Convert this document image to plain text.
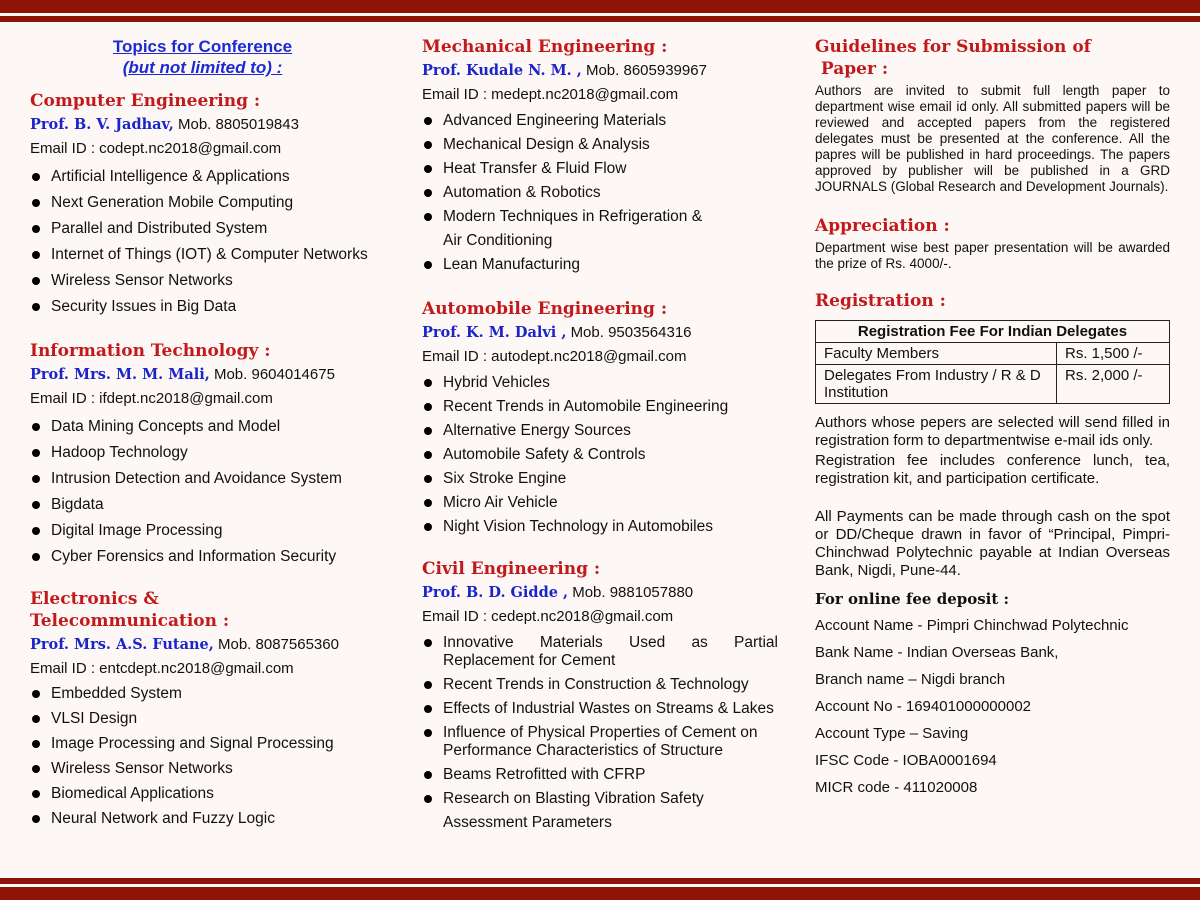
Topics for Conference
(but not limited to) :
Computer Engineering :
Prof. B. V. Jadhav, Mob. 8805019843
Email ID : codept.nc2018@gmail.com
Artificial Intelligence & Applications
Next Generation Mobile Computing
Parallel and Distributed System
Internet of Things (IOT) & Computer Networks
Wireless Sensor Networks
Security Issues in Big Data
Information Technology :
Prof. Mrs. M. M. Mali, Mob. 9604014675
Email ID : ifdept.nc2018@gmail.com
Data Mining Concepts and Model
Hadoop Technology
Intrusion Detection and Avoidance System
Bigdata
Digital Image Processing
Cyber Forensics and Information Security
Electronics &
Telecommunication :
Prof. Mrs. A.S. Futane, Mob. 8087565360
Email ID : entcdept.nc2018@gmail.com
Embedded System
VLSI Design
Image Processing and Signal Processing
Wireless Sensor Networks
Biomedical Applications
Neural Network and Fuzzy Logic
Mechanical Engineering :
Prof. Kudale N. M. , Mob. 8605939967
Email ID : medept.nc2018@gmail.com
Advanced Engineering Materials
Mechanical Design & Analysis
Heat Transfer & Fluid Flow
Automation & Robotics
Modern Techniques in Refrigeration &
Air Conditioning
Lean Manufacturing
Automobile Engineering :
Prof. K. M. Dalvi , Mob. 9503564316
Email ID : autodept.nc2018@gmail.com
Hybrid Vehicles
Recent Trends in Automobile Engineering
Alternative Energy Sources
Automobile Safety & Controls
Six Stroke Engine
Micro Air Vehicle
Night Vision Technology in Automobiles
Civil Engineering :
Prof. B. D. Gidde , Mob. 9881057880
Email ID : cedept.nc2018@gmail.com
Innovative Materials Used as Partial Replacement for Cement
Recent Trends in Construction & Technology
Effects of Industrial Wastes on Streams & Lakes
Influence of Physical Properties of Cement on Performance Characteristics of Structure
Beams Retrofitted with CFRP
Research on Blasting Vibration Safety
Assessment Parameters
Guidelines for Submission of
Paper :
Authors are invited to submit full length paper to department wise email id only. All submitted papers will be reviewed and accepted papers from the registered delegates must be presented at the conference. All the papres will be published in hard proceedings. The papers approved by publisher will be published in a GRD JOURNALS (Global Research and Development Journals).
Appreciation :
Department wise best paper presentation will be awarded the prize of Rs. 4000/-.
Registration :
Registration Fee For Indian Delegates	
Faculty Members	Rs. 1,500 /-
Delegates From Industry / R & D Institution	Rs. 2,000 /-
Authors whose pepers are selected will send filled in registration form to departmentwise e-mail ids only.
Registration fee includes conference lunch, tea, registration kit, and participation certificate.
All Payments can be made through cash on the spot or DD/Cheque drawn in favor of “Principal, Pimpri-Chinchwad Polytechnic payable at Indian Overseas Bank, Nigdi, Pune-44.
For online fee deposit :
Account Name - Pimpri Chinchwad Polytechnic
Bank Name - Indian Overseas Bank,
Branch name – Nigdi branch
Account No - 169401000000002
Account Type – Saving
IFSC Code - IOBA0001694
MICR code - 411020008
